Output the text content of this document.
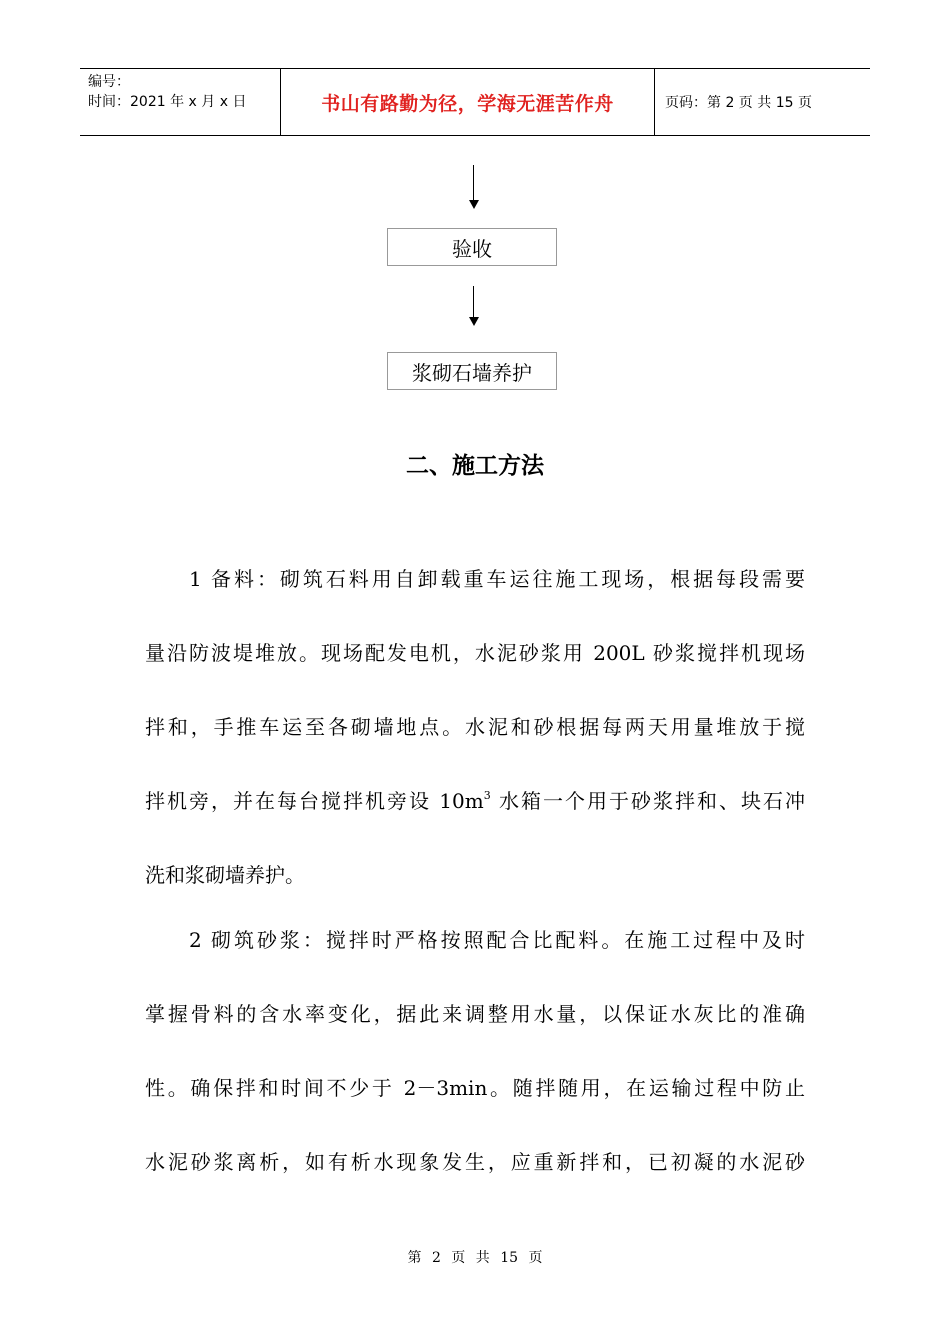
编号：
时间：2021 年 x 月 x 日	书山有路勤为径，学海无涯苦作舟	页码：第 2 页 共 15 页
验收
浆砌石墙养护
二、施工方法
1 备料：砌筑石料用自卸载重车运往施工现场，根据每段需要
量沿防波堤堆放。现场配发电机，水泥砂浆用 200L 砂浆搅拌机现场
拌和，手推车运至各砌墙地点。水泥和砂根据每两天用量堆放于搅
拌机旁，并在每台搅拌机旁设 $10m^3$ 水箱一个用于砂浆拌和、块石冲
洗和浆砌墙养护。
2 砌筑砂浆：搅拌时严格按照配合比配料。在施工过程中及时
掌握骨料的含水率变化，据此来调整用水量，以保证水灰比的准确
性。确保拌和时间不少于 2－3min。随拌随用，在运输过程中防止
水泥砂浆离析，如有析水现象发生，应重新拌和，已初凝的水泥砂
第 2 页 共 15 页
